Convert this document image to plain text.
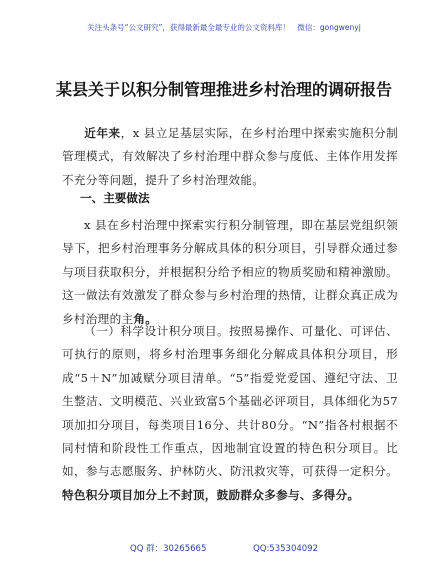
关注头条号“公文研究”，获得最新最全最专业的公文资料库！　微信：gongwenyj
某县关于以积分制管理推进乡村治理的调研报告
近年来，x 县立足基层实际，在乡村治理中探索实施积分制管理模式，有效解决了乡村治理中群众参与度低、主体作用发挥不充分等问题，提升了乡村治理效能。
一、主要做法
x 县在乡村治理中探索实行积分制管理，即在基层党组织领导下，把乡村治理事务分解成具体的积分项目，引导群众通过参与项目获取积分，并根据积分给予相应的物质奖励和精神激励。这一做法有效激发了群众参与乡村治理的热情，让群众真正成为乡村治理的主角。
（一）科学设计积分项目。按照易操作、可量化、可评估、可执行的原则，将乡村治理事务细化分解成具体积分项目，形成“5＋N”加减赋分项目清单。“5”指爱党爱国、遵纪守法、卫生整洁、文明模范、兴业致富5个基础必评项目，具体细化为57项加扣分项目，每类项目16分、共计80分。“N”指各村根据不同村情和阶段性工作重点，因地制宜设置的特色积分项目。比如，参与志愿服务、护林防火、防汛救灾等，可获得一定积分。特色积分项目加分上不封顶，鼓励群众多参与、多得分。
QQ 群：30265665	QQ:535304092
